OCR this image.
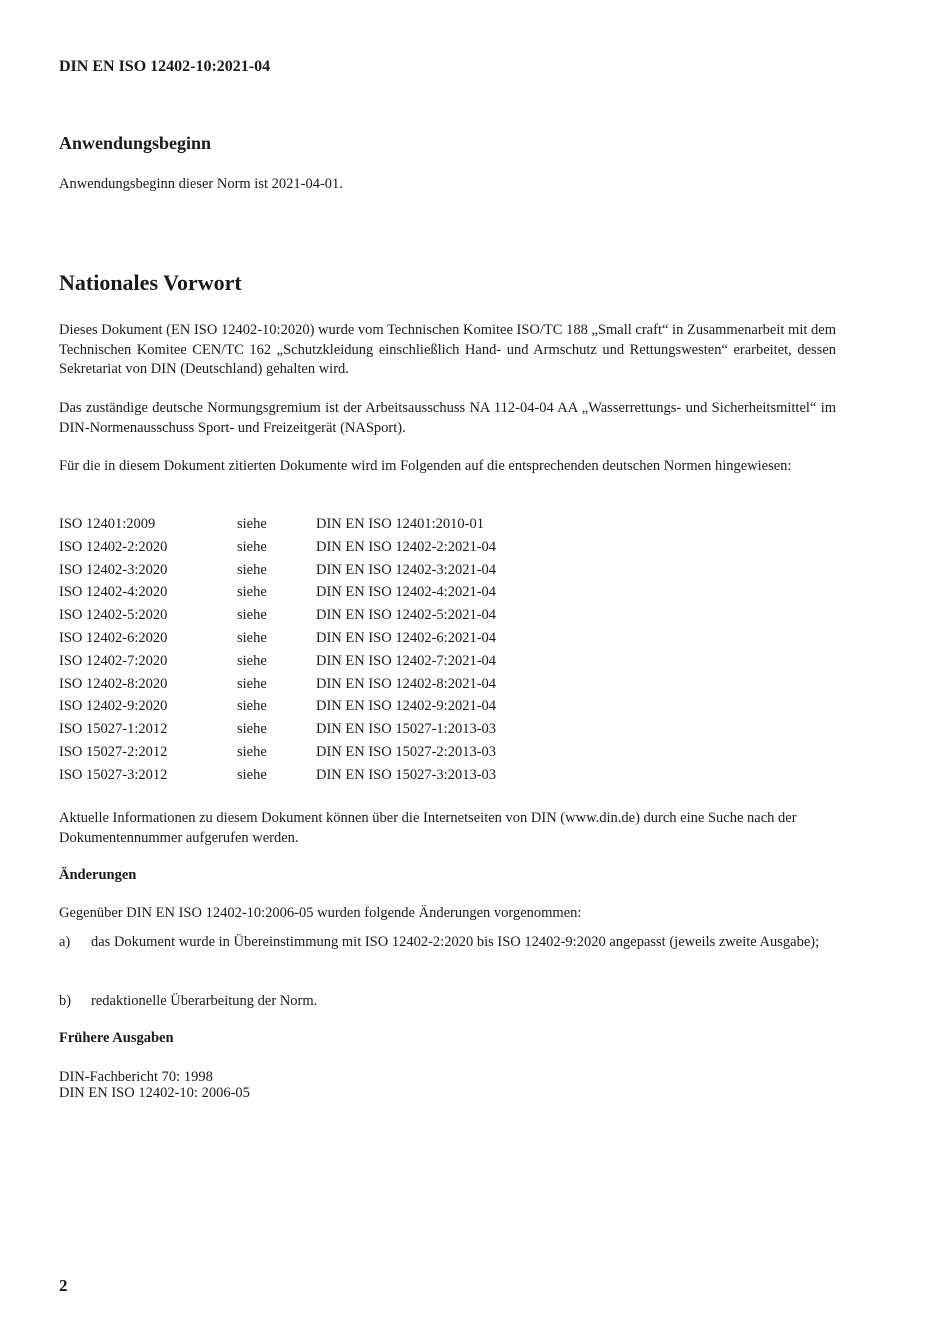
DIN EN ISO 12402-10:2021-04
Anwendungsbeginn
Anwendungsbeginn dieser Norm ist 2021-04-01.
Nationales Vorwort
Dieses Dokument (EN ISO 12402-10:2020) wurde vom Technischen Komitee ISO/TC 188 „Small craft“ in Zusammenarbeit mit dem Technischen Komitee CEN/TC 162 „Schutzkleidung einschließlich Hand- und Armschutz und Rettungswesten“ erarbeitet, dessen Sekretariat von DIN (Deutschland) gehalten wird.
Das zuständige deutsche Normungsgremium ist der Arbeitsausschuss NA 112-04-04 AA „Wasserrettungs- und Sicherheitsmittel“ im DIN-Normenausschuss Sport- und Freizeitgerät (NASport).
Für die in diesem Dokument zitierten Dokumente wird im Folgenden auf die entsprechenden deutschen Normen hingewiesen:
ISO 12401:2009	siehe	DIN EN ISO 12401:2010-01
ISO 12402-2:2020	siehe	DIN EN ISO 12402-2:2021-04
ISO 12402-3:2020	siehe	DIN EN ISO 12402-3:2021-04
ISO 12402-4:2020	siehe	DIN EN ISO 12402-4:2021-04
ISO 12402-5:2020	siehe	DIN EN ISO 12402-5:2021-04
ISO 12402-6:2020	siehe	DIN EN ISO 12402-6:2021-04
ISO 12402-7:2020	siehe	DIN EN ISO 12402-7:2021-04
ISO 12402-8:2020	siehe	DIN EN ISO 12402-8:2021-04
ISO 12402-9:2020	siehe	DIN EN ISO 12402-9:2021-04
ISO 15027-1:2012	siehe	DIN EN ISO 15027-1:2013-03
ISO 15027-2:2012	siehe	DIN EN ISO 15027-2:2013-03
ISO 15027-3:2012	siehe	DIN EN ISO 15027-3:2013-03
Aktuelle Informationen zu diesem Dokument können über die Internetseiten von DIN (www.din.de) durch eine Suche nach der Dokumentennummer aufgerufen werden.
Änderungen
Gegenüber DIN EN ISO 12402-10:2006-05 wurden folgende Änderungen vorgenommen:
a) das Dokument wurde in Übereinstimmung mit ISO 12402-2:2020 bis ISO 12402-9:2020 angepasst (jeweils zweite Ausgabe);
b) redaktionelle Überarbeitung der Norm.
Frühere Ausgaben
DIN-Fachbericht 70: 1998
DIN EN ISO 12402-10: 2006-05
2
